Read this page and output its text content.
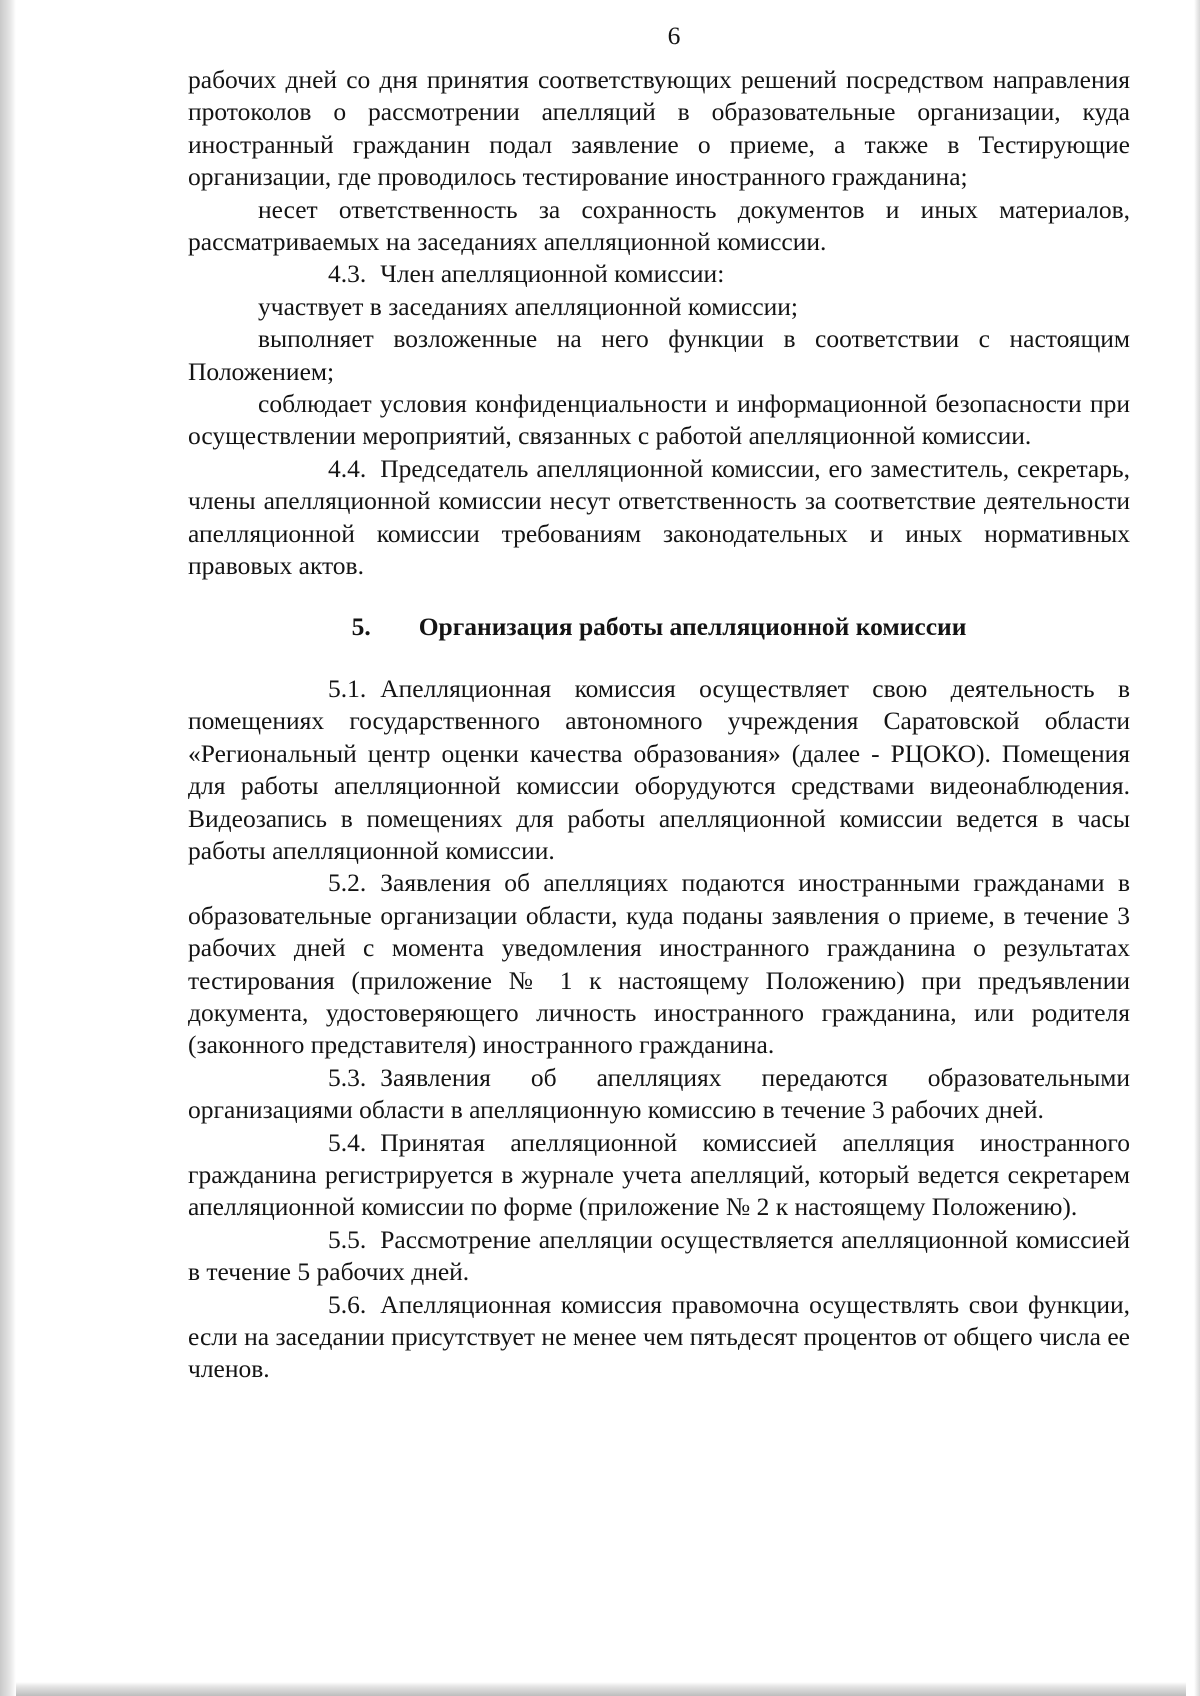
6

рабочих дней со дня принятия соответствующих решений посредством направления протоколов о рассмотрении апелляций в образовательные организации, куда иностранный гражданин подал заявление о приеме, а также в Тестирующие организации, где проводилось тестирование иностранного гражданина;

несет ответственность за сохранность документов и иных материалов, рассматриваемых на заседаниях апелляционной комиссии.

4.3. Член апелляционной комиссии:

участвует в заседаниях апелляционной комиссии;

выполняет возложенные на него функции в соответствии с настоящим Положением;

соблюдает условия конфиденциальности и информационной безопасности при осуществлении мероприятий, связанных с работой апелляционной комиссии.

4.4. Председатель апелляционной комиссии, его заместитель, секретарь, члены апелляционной комиссии несут ответственность за соответствие деятельности апелляционной комиссии требованиям законодательных и иных нормативных правовых актов.

5. Организация работы апелляционной комиссии

5.1. Апелляционная комиссия осуществляет свою деятельность в помещениях государственного автономного учреждения Саратовской области «Региональный центр оценки качества образования» (далее - РЦОКО). Помещения для работы апелляционной комиссии оборудуются средствами видеонаблюдения. Видеозапись в помещениях для работы апелляционной комиссии ведется в часы работы апелляционной комиссии.

5.2. Заявления об апелляциях подаются иностранными гражданами в образовательные организации области, куда поданы заявления о приеме, в течение 3 рабочих дней с момента уведомления иностранного гражданина о результатах тестирования (приложение № 1 к настоящему Положению) при предъявлении документа, удостоверяющего личность иностранного гражданина, или родителя (законного представителя) иностранного гражданина.

5.3. Заявления об апелляциях передаются образовательными организациями области в апелляционную комиссию в течение 3 рабочих дней.

5.4. Принятая апелляционной комиссией апелляция иностранного гражданина регистрируется в журнале учета апелляций, который ведется секретарем апелляционной комиссии по форме (приложение № 2 к настоящему Положению).

5.5. Рассмотрение апелляции осуществляется апелляционной комиссией в течение 5 рабочих дней.

5.6. Апелляционная комиссия правомочна осуществлять свои функции, если на заседании присутствует не менее чем пятьдесят процентов от общего числа ее членов.
